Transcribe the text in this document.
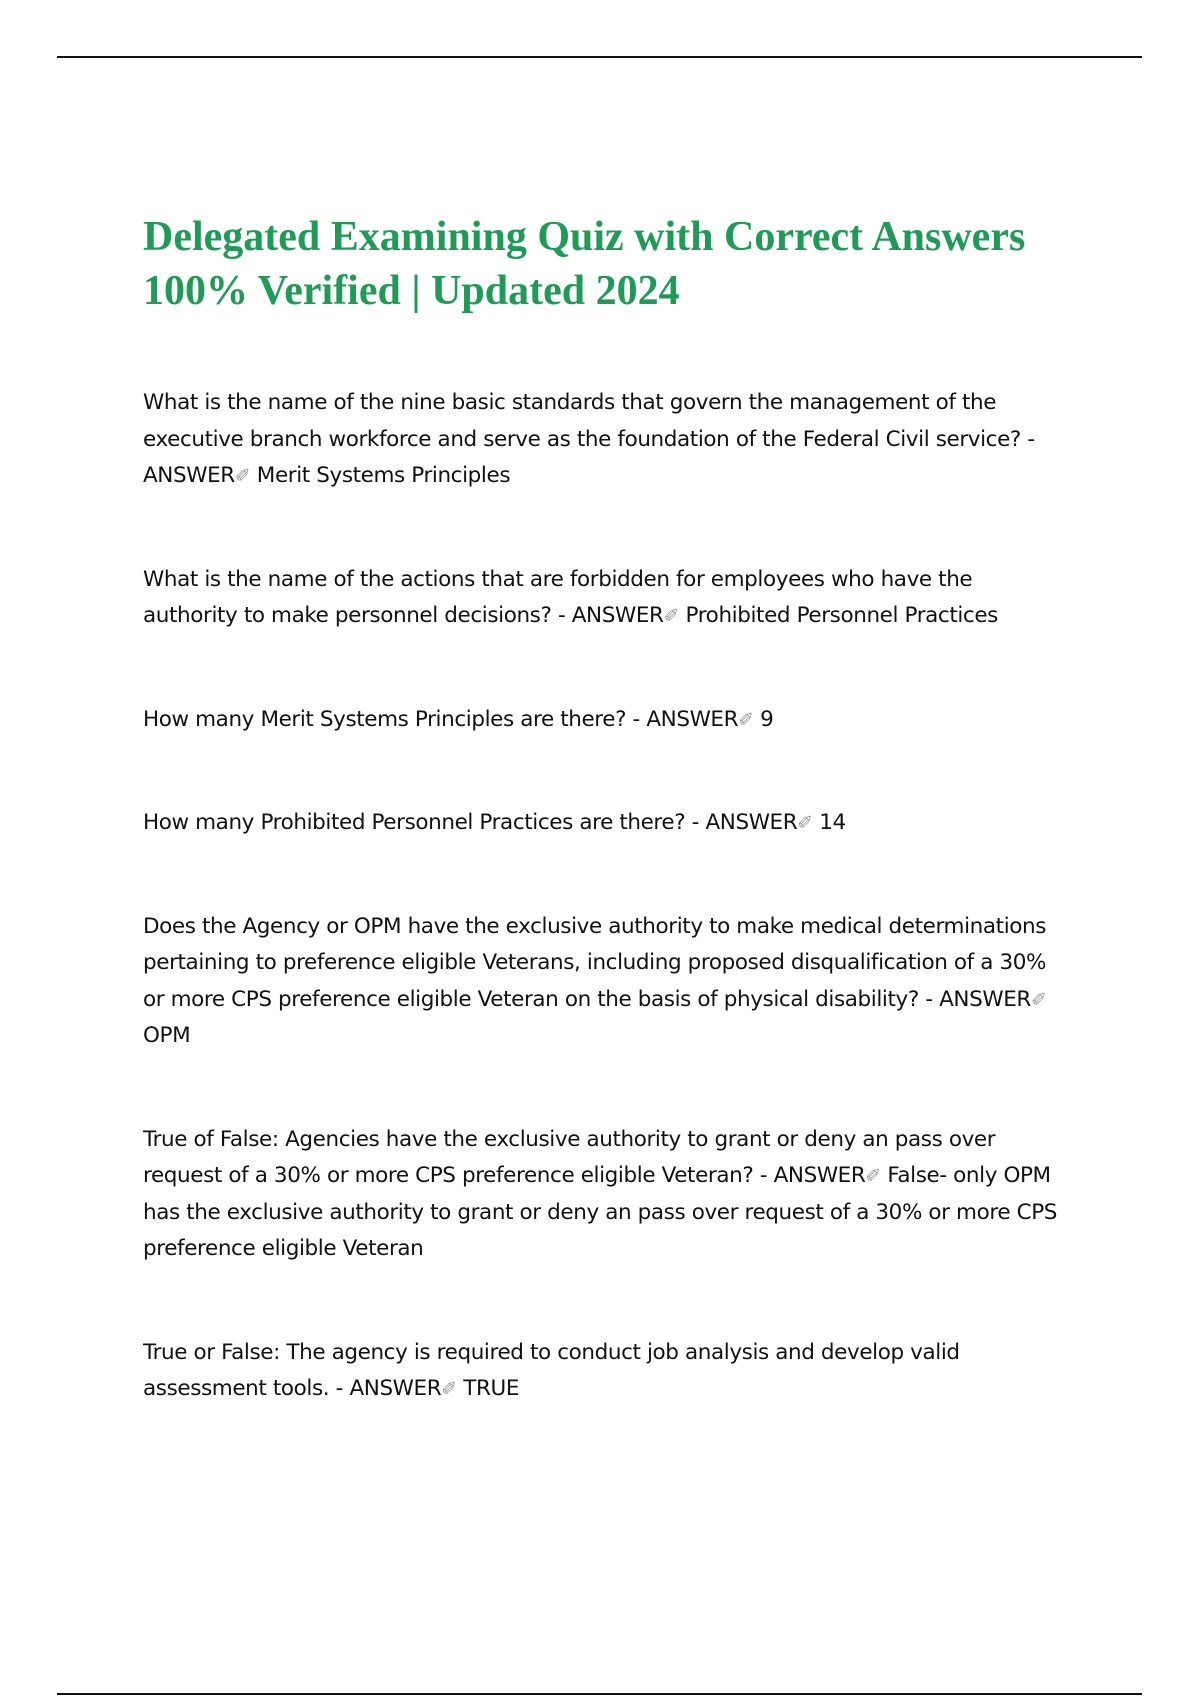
Delegated Examining Quiz with Correct Answers
100% Verified | Updated 2024

What is the name of the nine basic standards that govern the management of the executive branch workforce and serve as the foundation of the Federal Civil service? - ANSWER✐ Merit Systems Principles

What is the name of the actions that are forbidden for employees who have the authority to make personnel decisions? - ANSWER✐ Prohibited Personnel Practices

How many Merit Systems Principles are there? - ANSWER✐ 9

How many Prohibited Personnel Practices are there? - ANSWER✐ 14

Does the Agency or OPM have the exclusive authority to make medical determinations pertaining to preference eligible Veterans, including proposed disqualification of a 30% or more CPS preference eligible Veteran on the basis of physical disability? - ANSWER✐ OPM

True of False: Agencies have the exclusive authority to grant or deny an pass over request of a 30% or more CPS preference eligible Veteran? - ANSWER✐ False- only OPM has the exclusive authority to grant or deny an pass over request of a 30% or more CPS preference eligible Veteran

True or False: The agency is required to conduct job analysis and develop valid assessment tools. - ANSWER✐ TRUE
